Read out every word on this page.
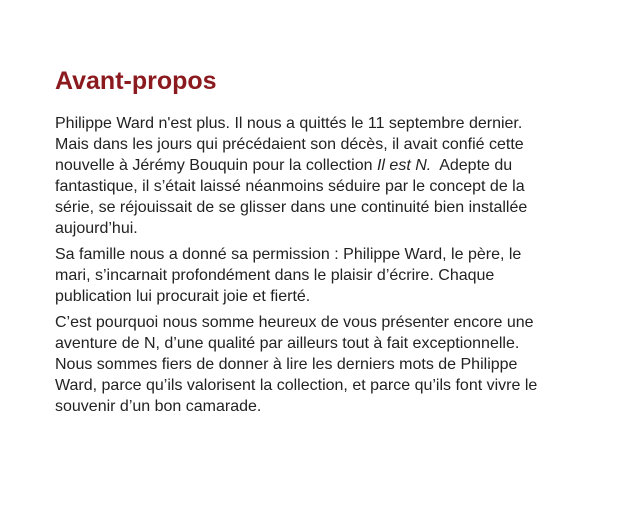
Avant-propos
Philippe Ward n'est plus. Il nous a quittés le 11 septembre dernier.
Mais dans les jours qui précédaient son décès, il avait confié cette
nouvelle à Jérémy Bouquin pour la collection Il est N.  Adepte du
fantastique, il s’était laissé néanmoins séduire par le concept de la
série, se réjouissait de se glisser dans une continuité bien installée
aujourd’hui.
Sa famille nous a donné sa permission : Philippe Ward, le père, le
mari, s’incarnait profondément dans le plaisir d’écrire. Chaque
publication lui procurait joie et fierté.
C’est pourquoi nous somme heureux de vous présenter encore une
aventure de N, d’une qualité par ailleurs tout à fait exceptionnelle.
Nous sommes fiers de donner à lire les derniers mots de Philippe
Ward, parce qu’ils valorisent la collection, et parce qu’ils font vivre le
souvenir d’un bon camarade.
